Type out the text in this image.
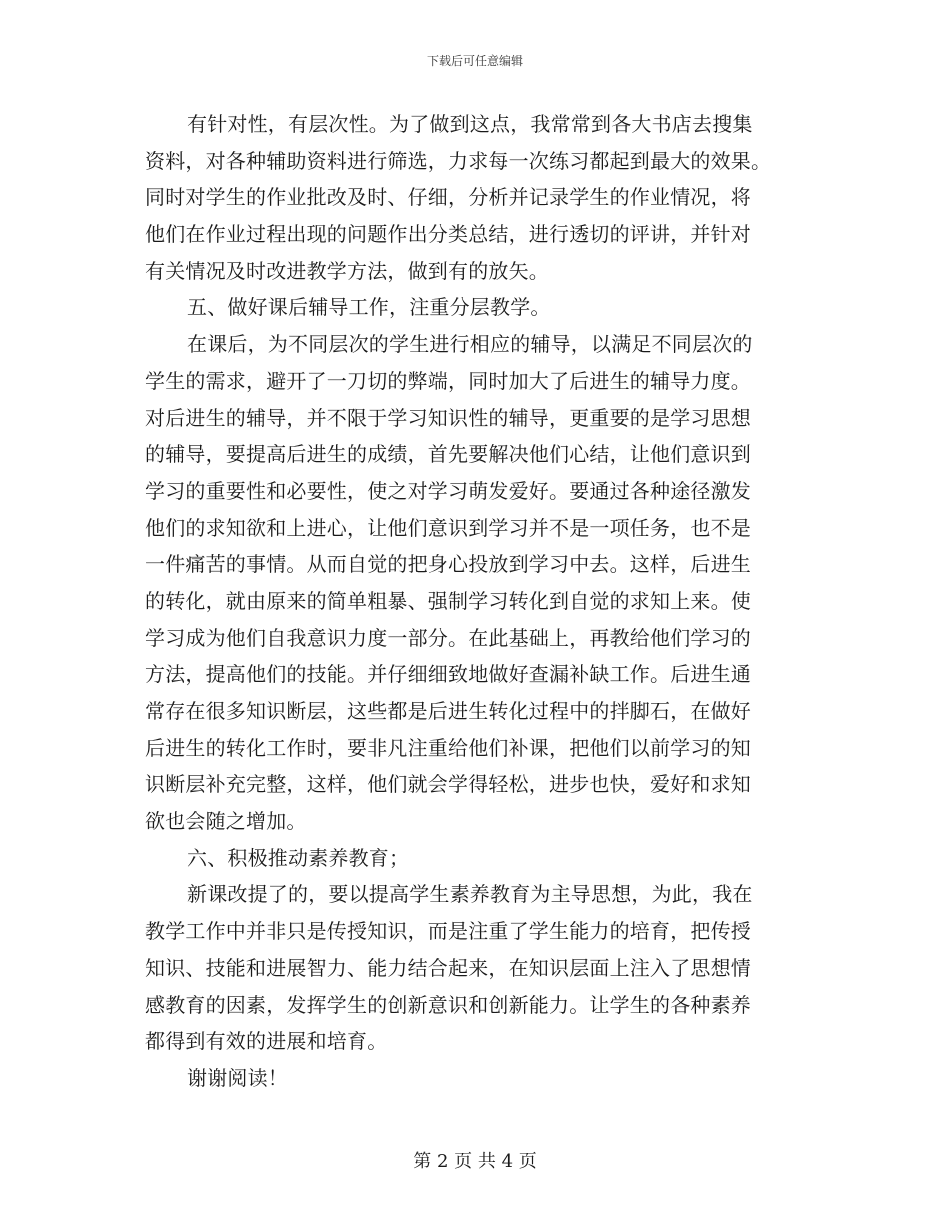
下载后可任意编辑
有针对性，有层次性。为了做到这点，我常常到各大书店去搜集
资料，对各种辅助资料进行筛选，力求每一次练习都起到最大的效果。
同时对学生的作业批改及时、仔细，分析并记录学生的作业情况，将
他们在作业过程出现的问题作出分类总结，进行透切的评讲，并针对
有关情况及时改进教学方法，做到有的放矢。
五、做好课后辅导工作，注重分层教学。
在课后，为不同层次的学生进行相应的辅导，以满足不同层次的
学生的需求，避开了一刀切的弊端，同时加大了后进生的辅导力度。
对后进生的辅导，并不限于学习知识性的辅导，更重要的是学习思想
的辅导，要提高后进生的成绩，首先要解决他们心结，让他们意识到
学习的重要性和必要性，使之对学习萌发爱好。要通过各种途径激发
他们的求知欲和上进心，让他们意识到学习并不是一项任务，也不是
一件痛苦的事情。从而自觉的把身心投放到学习中去。这样，后进生
的转化，就由原来的简单粗暴、强制学习转化到自觉的求知上来。使
学习成为他们自我意识力度一部分。在此基础上，再教给他们学习的
方法，提高他们的技能。并仔细细致地做好查漏补缺工作。后进生通
常存在很多知识断层，这些都是后进生转化过程中的拌脚石，在做好
后进生的转化工作时，要非凡注重给他们补课，把他们以前学习的知
识断层补充完整，这样，他们就会学得轻松，进步也快，爱好和求知
欲也会随之增加。
六、积极推动素养教育；
新课改提了的，要以提高学生素养教育为主导思想，为此，我在
教学工作中并非只是传授知识，而是注重了学生能力的培育，把传授
知识、技能和进展智力、能力结合起来，在知识层面上注入了思想情
感教育的因素，发挥学生的创新意识和创新能力。让学生的各种素养
都得到有效的进展和培育。
谢谢阅读！
第 2 页 共 4 页
